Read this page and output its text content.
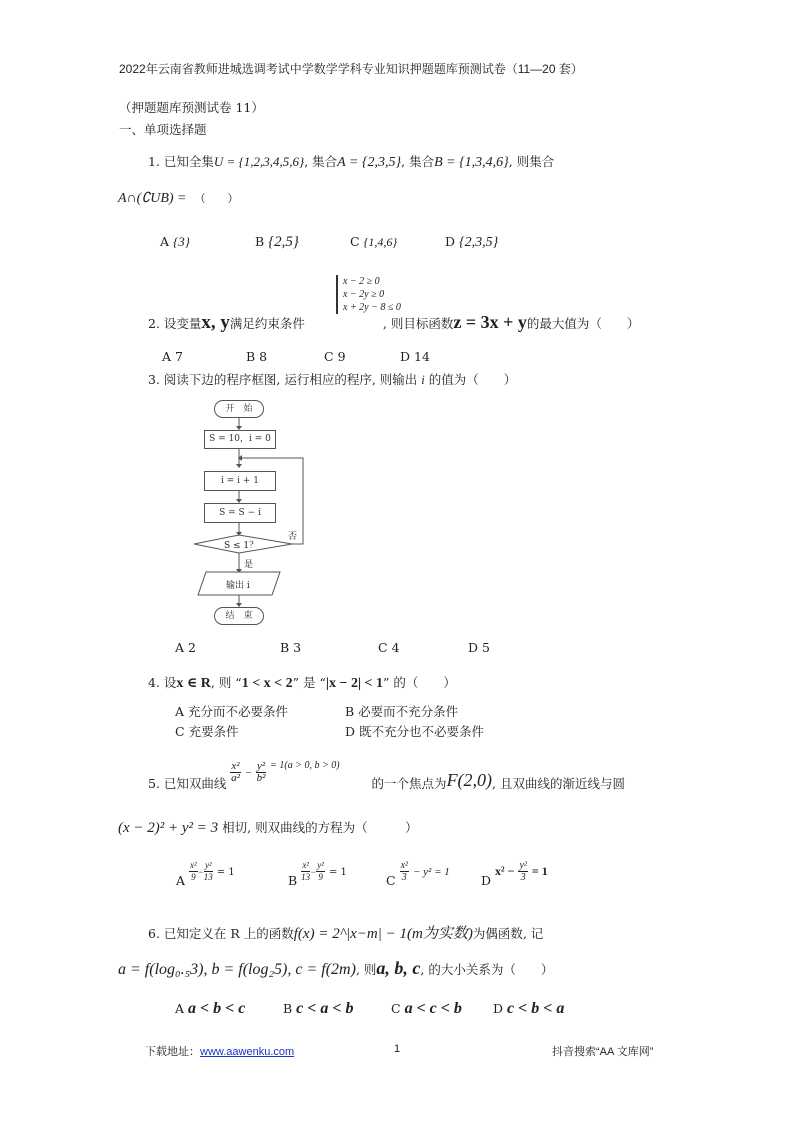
2022年云南省教师进城选调考试中学数学学科专业知识押题题库预测试卷（11—20 套）
（押题题库预测试卷 11）
一、单项选择题
1. 已知全集U = {1,2,3,4,5,6}, 集合A = {2,3,5}, 集合B = {1,3,4,6}, 则集合
A∩(∁UB) = （　　）
A {3}	B {2,5}	C {1,4,6}	D {2,3,5}
x − 2 ≥ 0
x − 2y ≥ 0
x + 2y − 8 ≤ 0
2. 设变量x, y满足约束条件	, 则目标函数z = 3x + y的最大值为（　　）
A 7	B 8	C 9	D 14
3. 阅读下边的程序框图, 运行相应的程序, 则输出 i 的值为（　　）
开　始
S = 10，i = 0
i = i + 1
S = S − i
S ≤ 1？
否
是
输出 i
结　束
A 2	B 3	C 4	D 5
4. 设x ∈ R, 则 “1 < x < 2” 是 “|x − 2| < 1” 的（　　）
A 充分而不必要条件	B 必要而不充分条件
C 充要条件	D 既不充分也不必要条件
5. 已知双曲线 $\frac{\text{x²}}{\text{a²}} - \frac{\text{y²}}{\text{b²}} ^{= 1(a > 0, b > 0)}$ 的一个焦点为F(2,0), 且双曲线的渐近线与圆
(x − 2)² + y² = 3 相切, 则双曲线的方程为（　　　）
A $\frac{\text{x²}}{9} - \frac{\text{y²}}{13} = 1B \frac{\text{x²}}{13} - \frac{\text{y²}}{9} = 1C \frac{\text{x²}}{3} - y^2 = 1D$ $x^2 - \frac{\text{y²}}{3} = 1$
6. 已知定义在 R 上的函数f(x) = 2^|x−m| − 1(m为实数)为偶函数, 记
a = f(log₀.₅3), b = f(log₂5), c = f(2m), 则a, b, c, 的大小关系为（　　）
A a < b < c	B c < a < b	C a < c < b D c < b < a
下载地址：www.aawenku.com	1	抖音搜索“AA 文库网”
